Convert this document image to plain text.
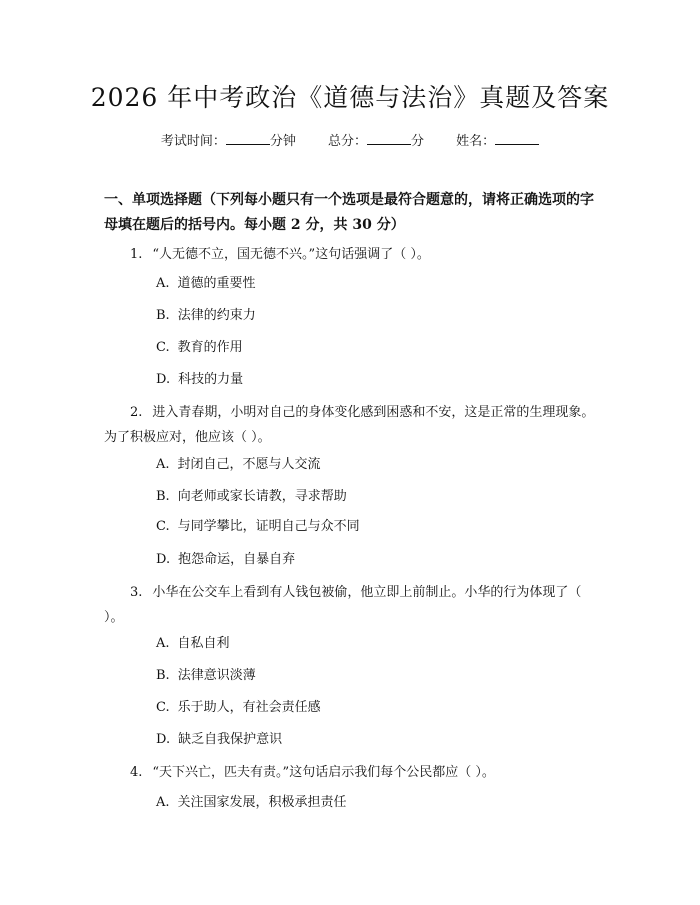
2026 年中考政治《道德与法治》真题及答案
考试时间：	分钟 总分：	分 姓名：
一、单项选择题（下列每小题只有一个选项是最符合题意的，请将正确选项的字母填在题后的括号内。每小题 2 分，共 30 分）
1. “人无德不立，国无德不兴。”这句话强调了（ ）。
A. 道德的重要性
B. 法律的约束力
C. 教育的作用
D. 科技的力量
2. 进入青春期，小明对自己的身体变化感到困惑和不安，这是正常的生理现象。为了积极应对，他应该（ ）。
A. 封闭自己，不愿与人交流
B. 向老师或家长请教，寻求帮助
C. 与同学攀比，证明自己与众不同
D. 抱怨命运，自暴自弃
3. 小华在公交车上看到有人钱包被偷，他立即上前制止。小华的行为体现了（ ）。
A. 自私自利
B. 法律意识淡薄
C. 乐于助人，有社会责任感
D. 缺乏自我保护意识
4. “天下兴亡，匹夫有责。”这句话启示我们每个公民都应（ ）。
A. 关注国家发展，积极承担责任
